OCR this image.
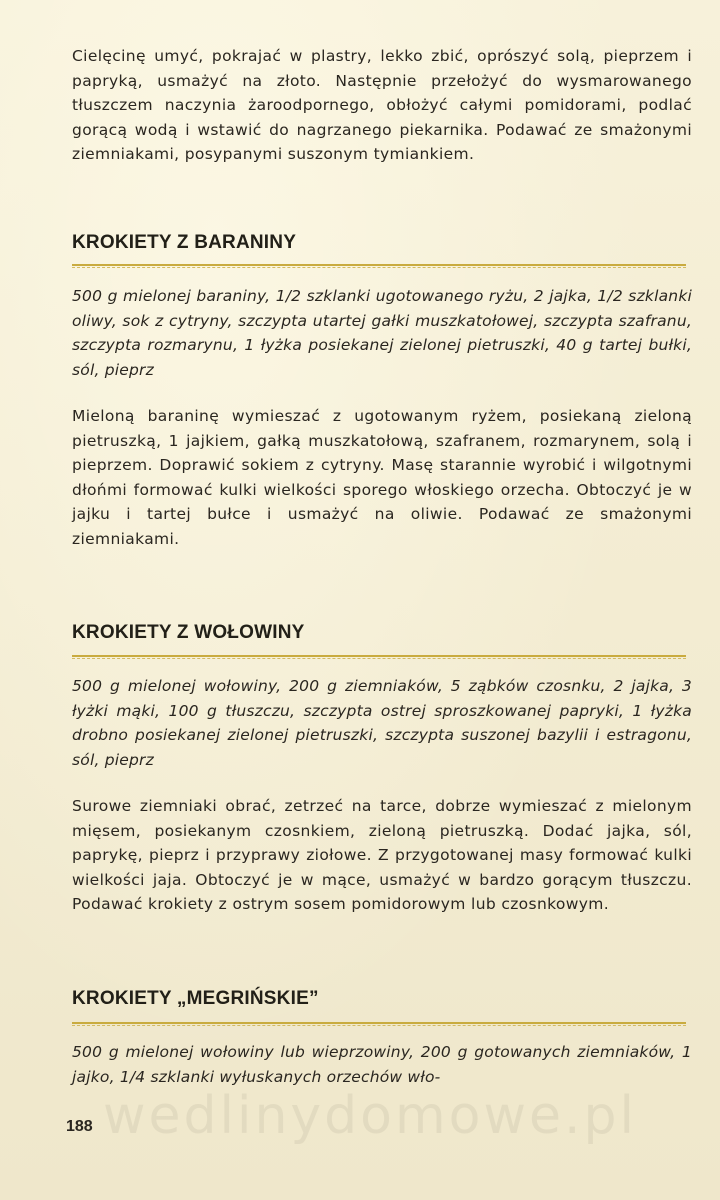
wedlinydomowe.pl

Cielęcinę umyć, pokrajać w plastry, lekko zbić, oprószyć solą, pieprzem i papryką, usmażyć na złoto. Następnie przełożyć do wysmarowanego tłuszczem naczynia żaroodpornego, obłożyć całymi pomidorami, podlać gorącą wodą i wstawić do nagrzanego piekarnika. Podawać ze smażonymi ziemniakami, posypanymi suszonym tymiankiem.

KROKIETY Z BARANINY

500 g mielonej baraniny, 1/2 szklanki ugotowanego ryżu, 2 jajka, 1/2 szklanki oliwy, sok z cytryny, szczypta utartej gałki muszkatołowej, szczypta szafranu, szczypta rozmarynu, 1 łyżka posiekanej zielonej pietruszki, 40 g tartej bułki, sól, pieprz

Mieloną baraninę wymieszać z ugotowanym ryżem, posiekaną zieloną pietruszką, 1 jajkiem, gałką muszkatołową, szafranem, rozmarynem, solą i pieprzem. Doprawić sokiem z cytryny. Masę starannie wyrobić i wilgotnymi dłońmi formować kulki wielkości sporego włoskiego orzecha. Obtoczyć je w jajku i tartej bułce i usmażyć na oliwie. Podawać ze smażonymi ziemniakami.

KROKIETY Z WOŁOWINY

500 g mielonej wołowiny, 200 g ziemniaków, 5 ząbków czosnku, 2 jajka, 3 łyżki mąki, 100 g tłuszczu, szczypta ostrej sproszkowanej papryki, 1 łyżka drobno posiekanej zielonej pietruszki, szczypta suszonej bazylii i estragonu, sól, pieprz

Surowe ziemniaki obrać, zetrzeć na tarce, dobrze wymieszać z mielonym mięsem, posiekanym czosnkiem, zieloną pietruszką. Dodać jajka, sól, paprykę, pieprz i przyprawy ziołowe. Z przygotowanej masy formować kulki wielkości jaja. Obtoczyć je w mące, usmażyć w bardzo gorącym tłuszczu. Podawać krokiety z ostrym sosem pomidorowym lub czosnkowym.

KROKIETY „MEGRIŃSKIE”

500 g mielonej wołowiny lub wieprzowiny, 200 g gotowanych ziemniaków, 1 jajko, 1/4 szklanki wyłuskanych orzechów wło-

188
